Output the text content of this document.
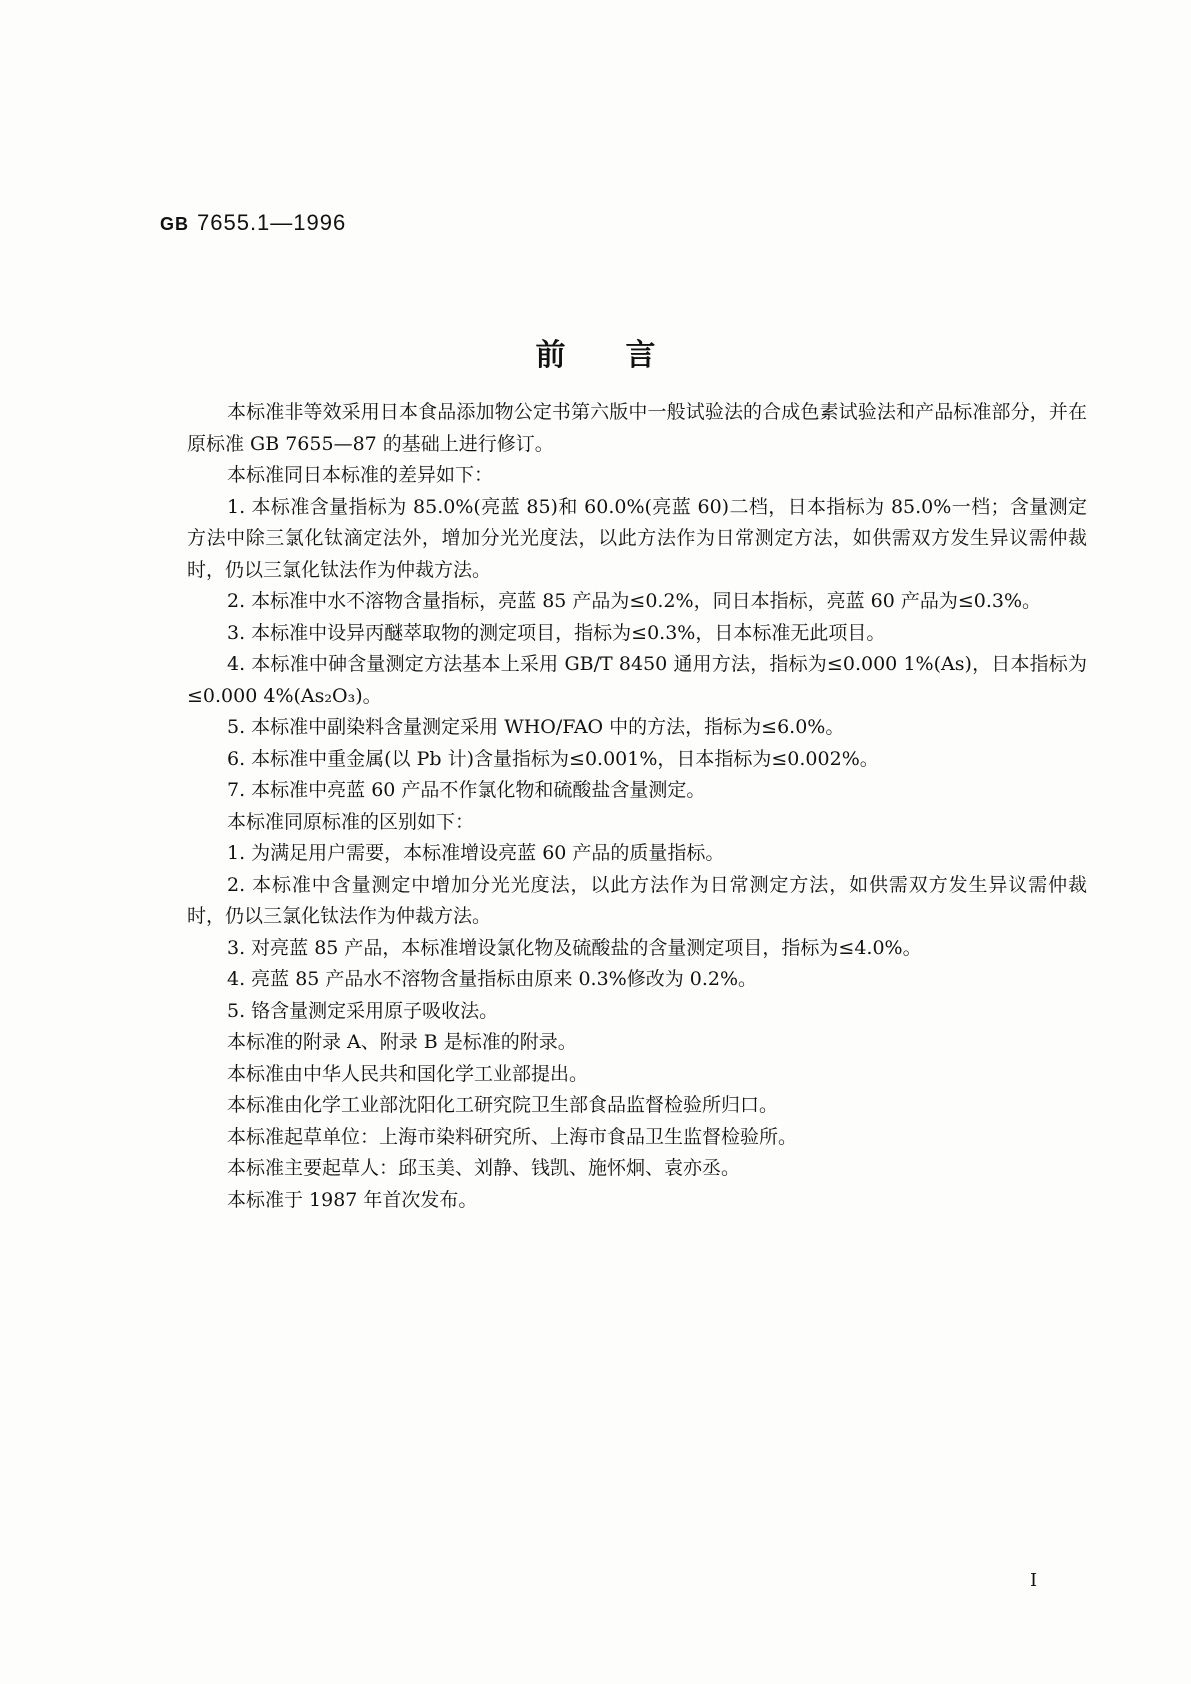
GB 7655.1—1996

前言

本标准非等效采用日本食品添加物公定书第六版中一般试验法的合成色素试验法和产品标准部分，并在原标准 GB 7655—87 的基础上进行修订。

本标准同日本标准的差异如下：

1. 本标准含量指标为 85.0%(亮蓝 85)和 60.0%(亮蓝 60)二档，日本指标为 85.0%一档；含量测定方法中除三氯化钛滴定法外，增加分光光度法，以此方法作为日常测定方法，如供需双方发生异议需仲裁时，仍以三氯化钛法作为仲裁方法。

2. 本标准中水不溶物含量指标，亮蓝 85 产品为≤0.2%，同日本指标，亮蓝 60 产品为≤0.3%。

3. 本标准中设异丙醚萃取物的测定项目，指标为≤0.3%，日本标准无此项目。

4. 本标准中砷含量测定方法基本上采用 GB/T 8450 通用方法，指标为≤0.000 1%(As)，日本指标为≤0.000 4%(As₂O₃)。

5. 本标准中副染料含量测定采用 WHO/FAO 中的方法，指标为≤6.0%。

6. 本标准中重金属(以 Pb 计)含量指标为≤0.001%，日本指标为≤0.002%。

7. 本标准中亮蓝 60 产品不作氯化物和硫酸盐含量测定。

本标准同原标准的区别如下：

1. 为满足用户需要，本标准增设亮蓝 60 产品的质量指标。

2. 本标准中含量测定中增加分光光度法，以此方法作为日常测定方法，如供需双方发生异议需仲裁时，仍以三氯化钛法作为仲裁方法。

3. 对亮蓝 85 产品，本标准增设氯化物及硫酸盐的含量测定项目，指标为≤4.0%。

4. 亮蓝 85 产品水不溶物含量指标由原来 0.3%修改为 0.2%。

5. 铬含量测定采用原子吸收法。

本标准的附录 A、附录 B 是标准的附录。

本标准由中华人民共和国化学工业部提出。

本标准由化学工业部沈阳化工研究院卫生部食品监督检验所归口。

本标准起草单位：上海市染料研究所、上海市食品卫生监督检验所。

本标准主要起草人：邱玉美、刘静、钱凯、施怀炯、袁亦丞。

本标准于 1987 年首次发布。

I
